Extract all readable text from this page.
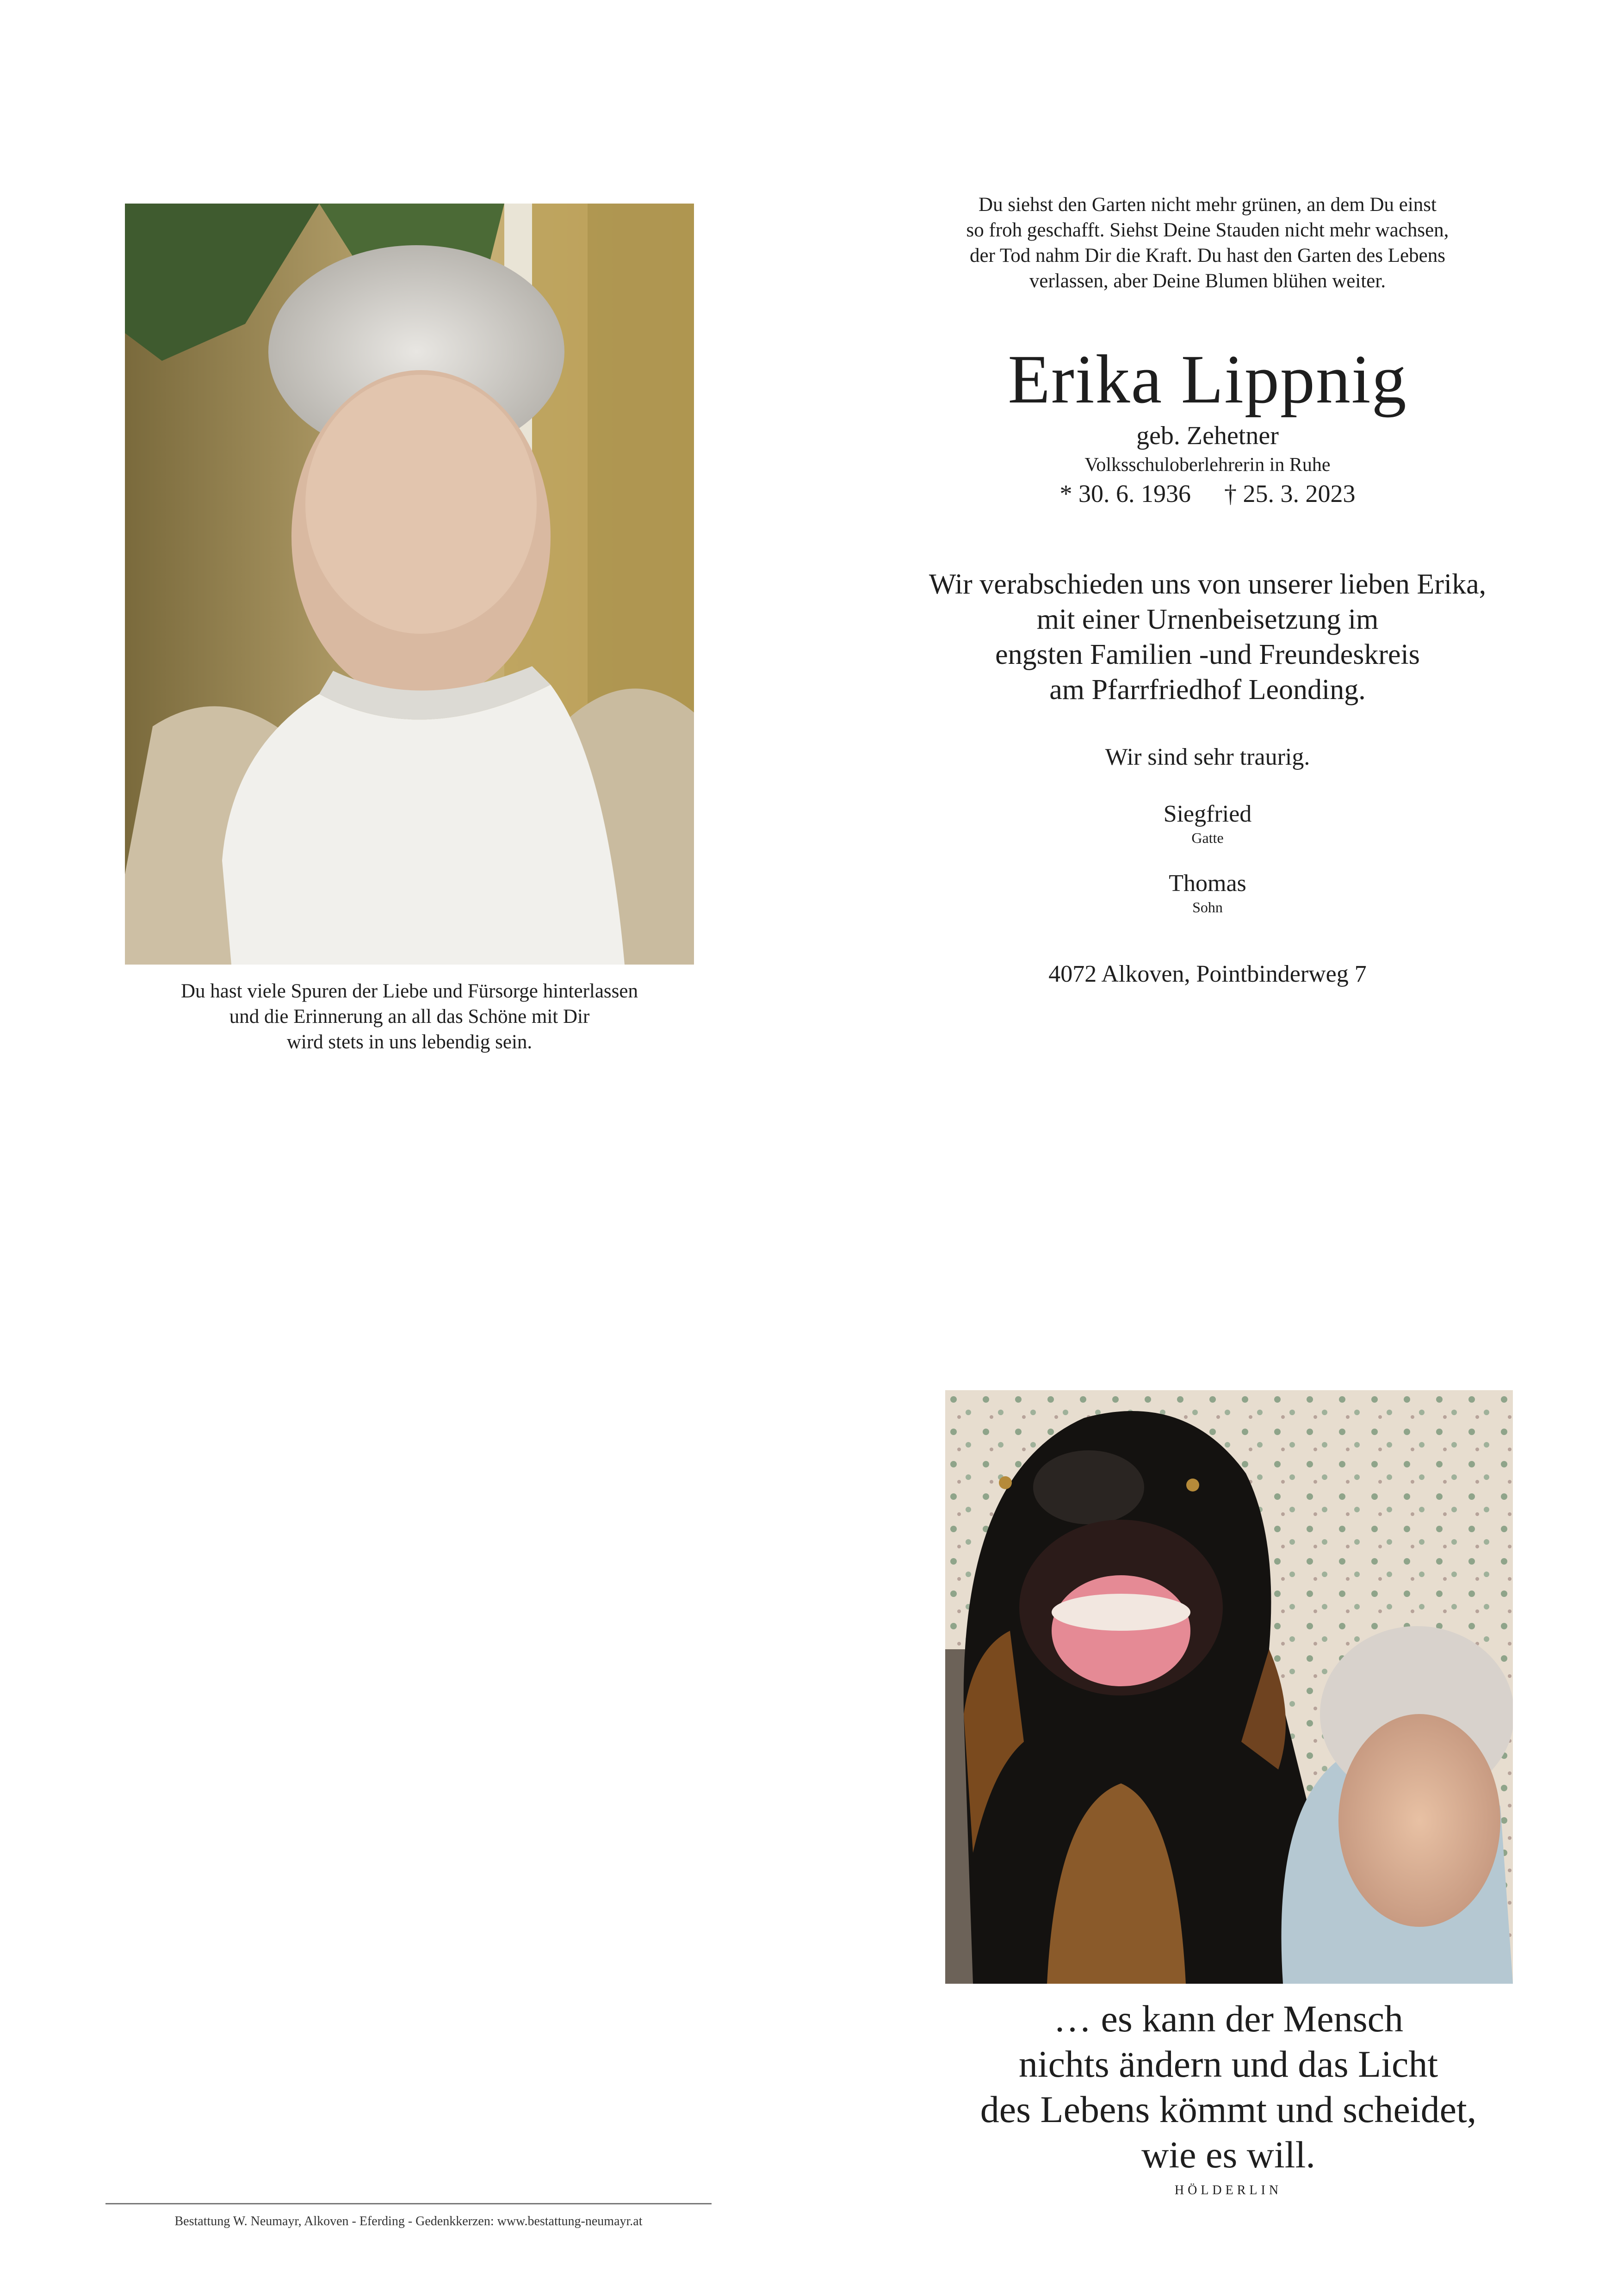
Du hast viele Spuren der Liebe und Fürsorge hinterlassen
und die Erinnerung an all das Schöne mit Dir
wird stets in uns lebendig sein.
Du siehst den Garten nicht mehr grünen, an dem Du einst
so froh geschafft. Siehst Deine Stauden nicht mehr wachsen,
der Tod nahm Dir die Kraft. Du hast den Garten des Lebens
verlassen, aber Deine Blumen blühen weiter.
Erika Lippnig
geb. Zehetner
Volksschuloberlehrerin in Ruhe
* 30. 6. 1936 † 25. 3. 2023
Wir verabschieden uns von unserer lieben Erika,
mit einer Urnenbeisetzung im
engsten Familien -und Freundeskreis
am Pfarrfriedhof Leonding.
Wir sind sehr traurig.
Siegfried
Gatte
Thomas
Sohn
4072 Alkoven, Pointbinderweg 7
… es kann der Mensch
nichts ändern und das Licht
des Lebens kömmt und scheidet,
wie es will.
HÖLDERLIN
Bestattung W. Neumayr, Alkoven - Eferding - Gedenkkerzen: www.bestattung-neumayr.at
